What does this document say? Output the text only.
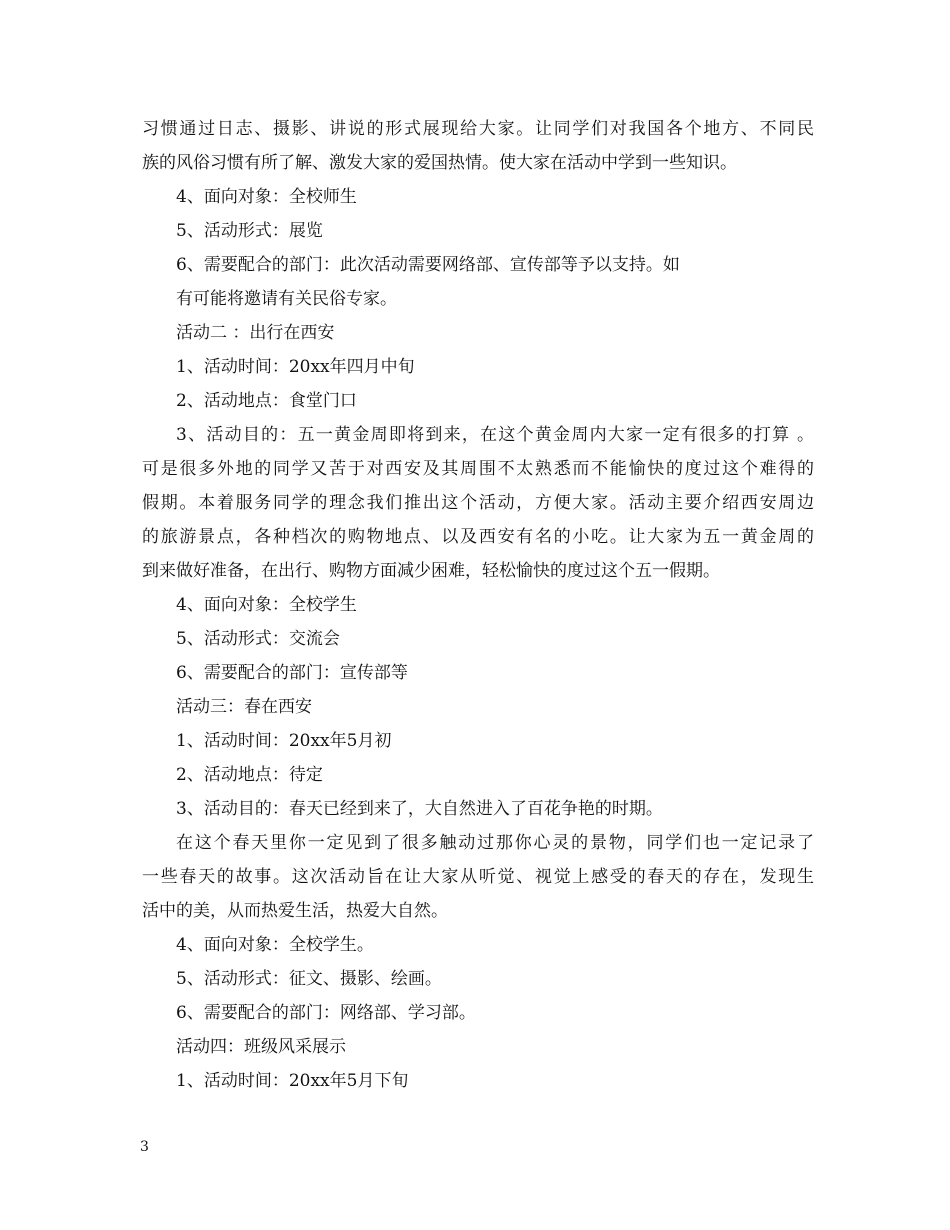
习惯通过日志、摄影、讲说的形式展现给大家。让同学们对我国各个地方、不同民
族的风俗习惯有所了解、激发大家的爱国热情。使大家在活动中学到一些知识。
4、面向对象：全校师生
5、活动形式：展览
6、需要配合的部门：此次活动需要网络部、宣传部等予以支持。如
有可能将邀请有关民俗专家。
活动二 ：出行在西安
1、活动时间：20xx年四月中旬
2、活动地点：食堂门口
3、活动目的：五一黄金周即将到来，在这个黄金周内大家一定有很多的打算 。
可是很多外地的同学又苦于对西安及其周围不太熟悉而不能愉快的度过这个难得的
假期。本着服务同学的理念我们推出这个活动，方便大家。活动主要介绍西安周边
的旅游景点，各种档次的购物地点、以及西安有名的小吃。让大家为五一黄金周的
到来做好准备，在出行、购物方面减少困难，轻松愉快的度过这个五一假期。
4、面向对象：全校学生
5、活动形式：交流会
6、需要配合的部门：宣传部等
活动三：春在西安
1、活动时间：20xx年5月初
2、活动地点：待定
3、活动目的：春天已经到来了，大自然进入了百花争艳的时期。
在这个春天里你一定见到了很多触动过那你心灵的景物，同学们也一定记录了
一些春天的故事。这次活动旨在让大家从听觉、视觉上感受的春天的存在，发现生
活中的美，从而热爱生活，热爱大自然。
4、面向对象：全校学生。
5、活动形式：征文、摄影、绘画。
6、需要配合的部门：网络部、学习部。
活动四：班级风采展示
1、活动时间：20xx年5月下旬
3
